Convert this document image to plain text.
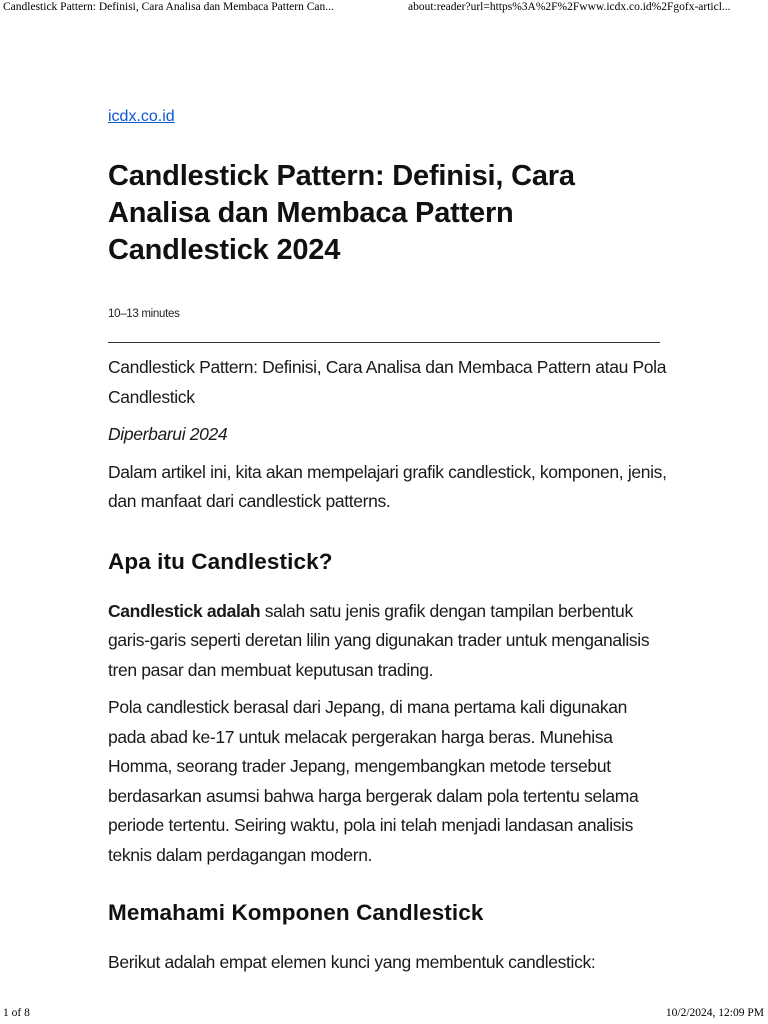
Candlestick Pattern: Definisi, Cara Analisa dan Membaca Pattern Can...	about:reader?url=https%3A%2F%2Fwww.icdx.co.id%2Fgofx-articl...
icdx.co.id
Candlestick Pattern: Definisi, Cara Analisa dan Membaca Pattern Candlestick 2024
10–13 minutes

Candlestick Pattern: Definisi, Cara Analisa dan Membaca Pattern atau Pola Candlestick

Diperbarui 2024

Dalam artikel ini, kita akan mempelajari grafik candlestick, komponen, jenis, dan manfaat dari candlestick patterns.

Apa itu Candlestick?

Candlestick adalah salah satu jenis grafik dengan tampilan berbentuk garis-garis seperti deretan lilin yang digunakan trader untuk menganalisis tren pasar dan membuat keputusan trading.

Pola candlestick berasal dari Jepang, di mana pertama kali digunakan pada abad ke-17 untuk melacak pergerakan harga beras. Munehisa Homma, seorang trader Jepang, mengembangkan metode tersebut berdasarkan asumsi bahwa harga bergerak dalam pola tertentu selama periode tertentu. Seiring waktu, pola ini telah menjadi landasan analisis teknis dalam perdagangan modern.

Memahami Komponen Candlestick

Berikut adalah empat elemen kunci yang membentuk candlestick:

1 of 8	10/2/2024, 12:09 PM
